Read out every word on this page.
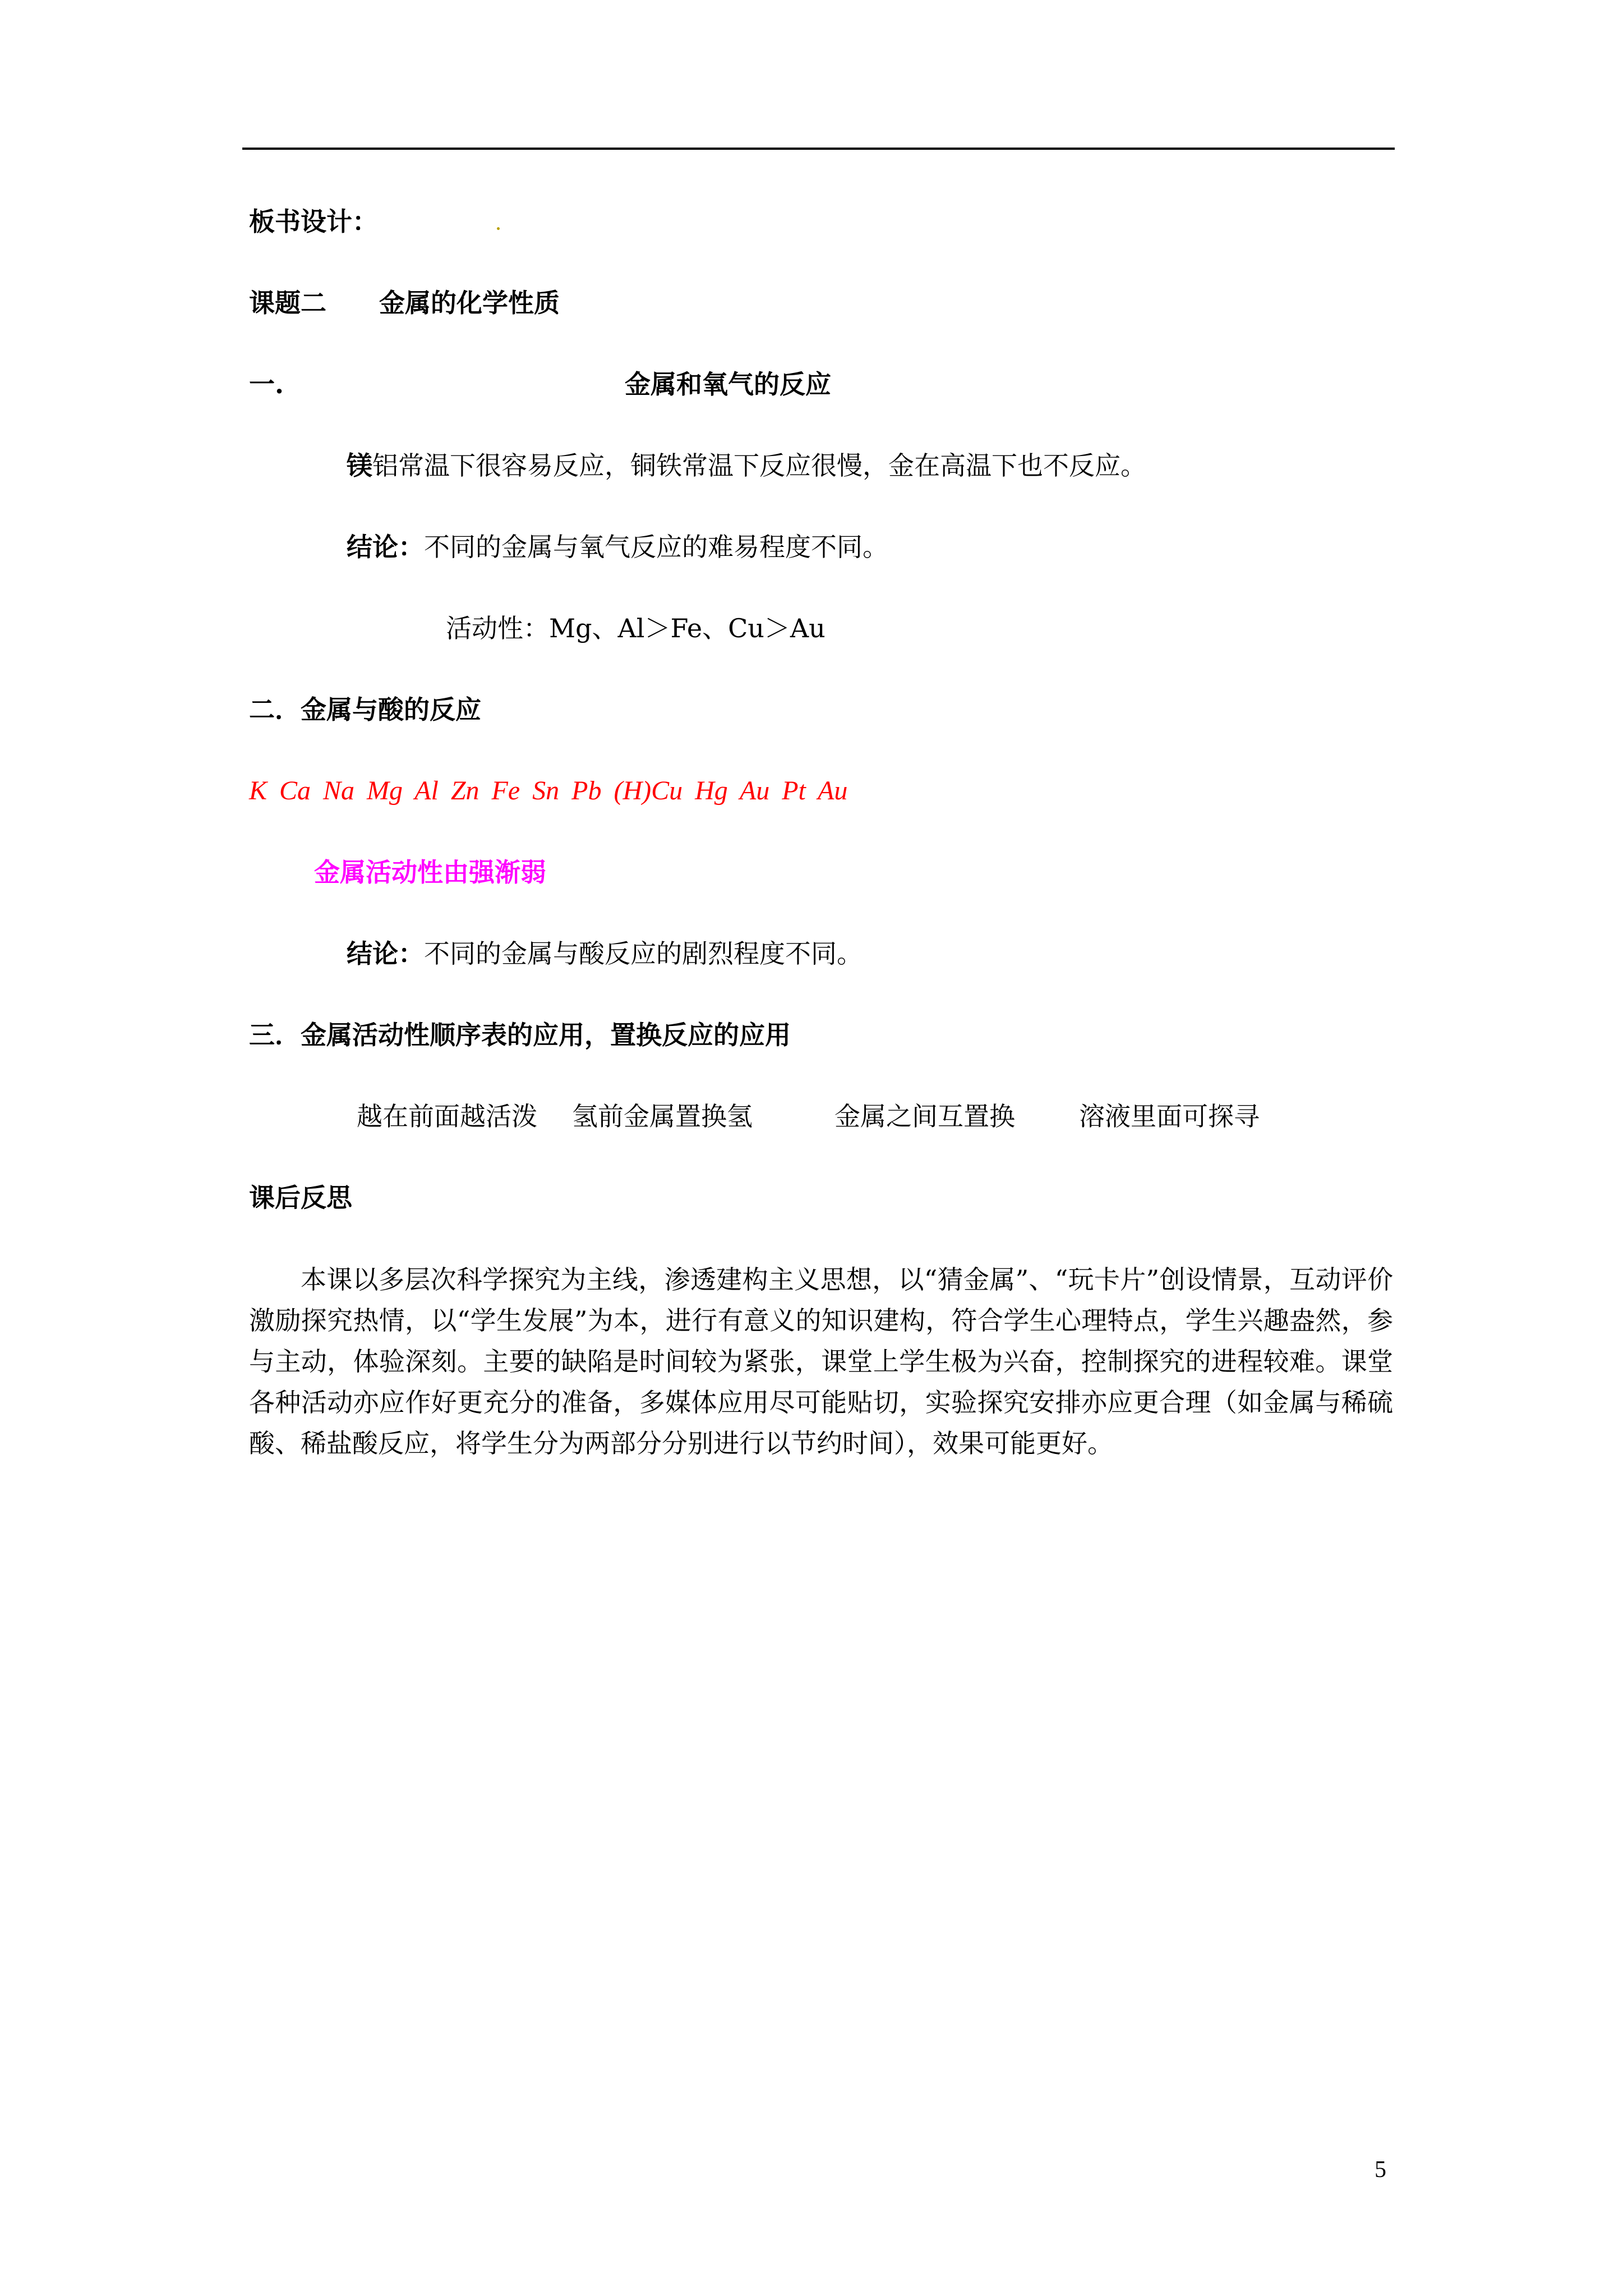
板书设计：
课题二 金属的化学性质
一.	金属和氧气的反应
镁铝常温下很容易反应，铜铁常温下反应很慢，金在高温下也不反应。
结论：不同的金属与氧气反应的难易程度不同。
活动性：Mg、Al＞Fe、Cu＞Au
二．金属与酸的反应
K Ca Na Mg Al Zn Fe Sn Pb (H)Cu Hg Au Pt Au
金属活动性由强渐弱
结论：不同的金属与酸反应的剧烈程度不同。
三．金属活动性顺序表的应用，置换反应的应用
越在前面越活泼 氢前金属置换氢	金属之间互置换 溶液里面可探寻
课后反思
本课以多层次科学探究为主线，渗透建构主义思想，以“猜金属”、“玩卡片”创设情景，互动评价激励探究热情，以“学生发展”为本，进行有意义的知识建构，符合学生心理特点，学生兴趣盎然，参与主动，体验深刻。主要的缺陷是时间较为紧张，课堂上学生极为兴奋，控制探究的进程较难。课堂各种活动亦应作好更充分的准备，多媒体应用尽可能贴切，实验探究安排亦应更合理（如金属与稀硫酸、稀盐酸反应，将学生分为两部分分别进行以节约时间），效果可能更好。
5
